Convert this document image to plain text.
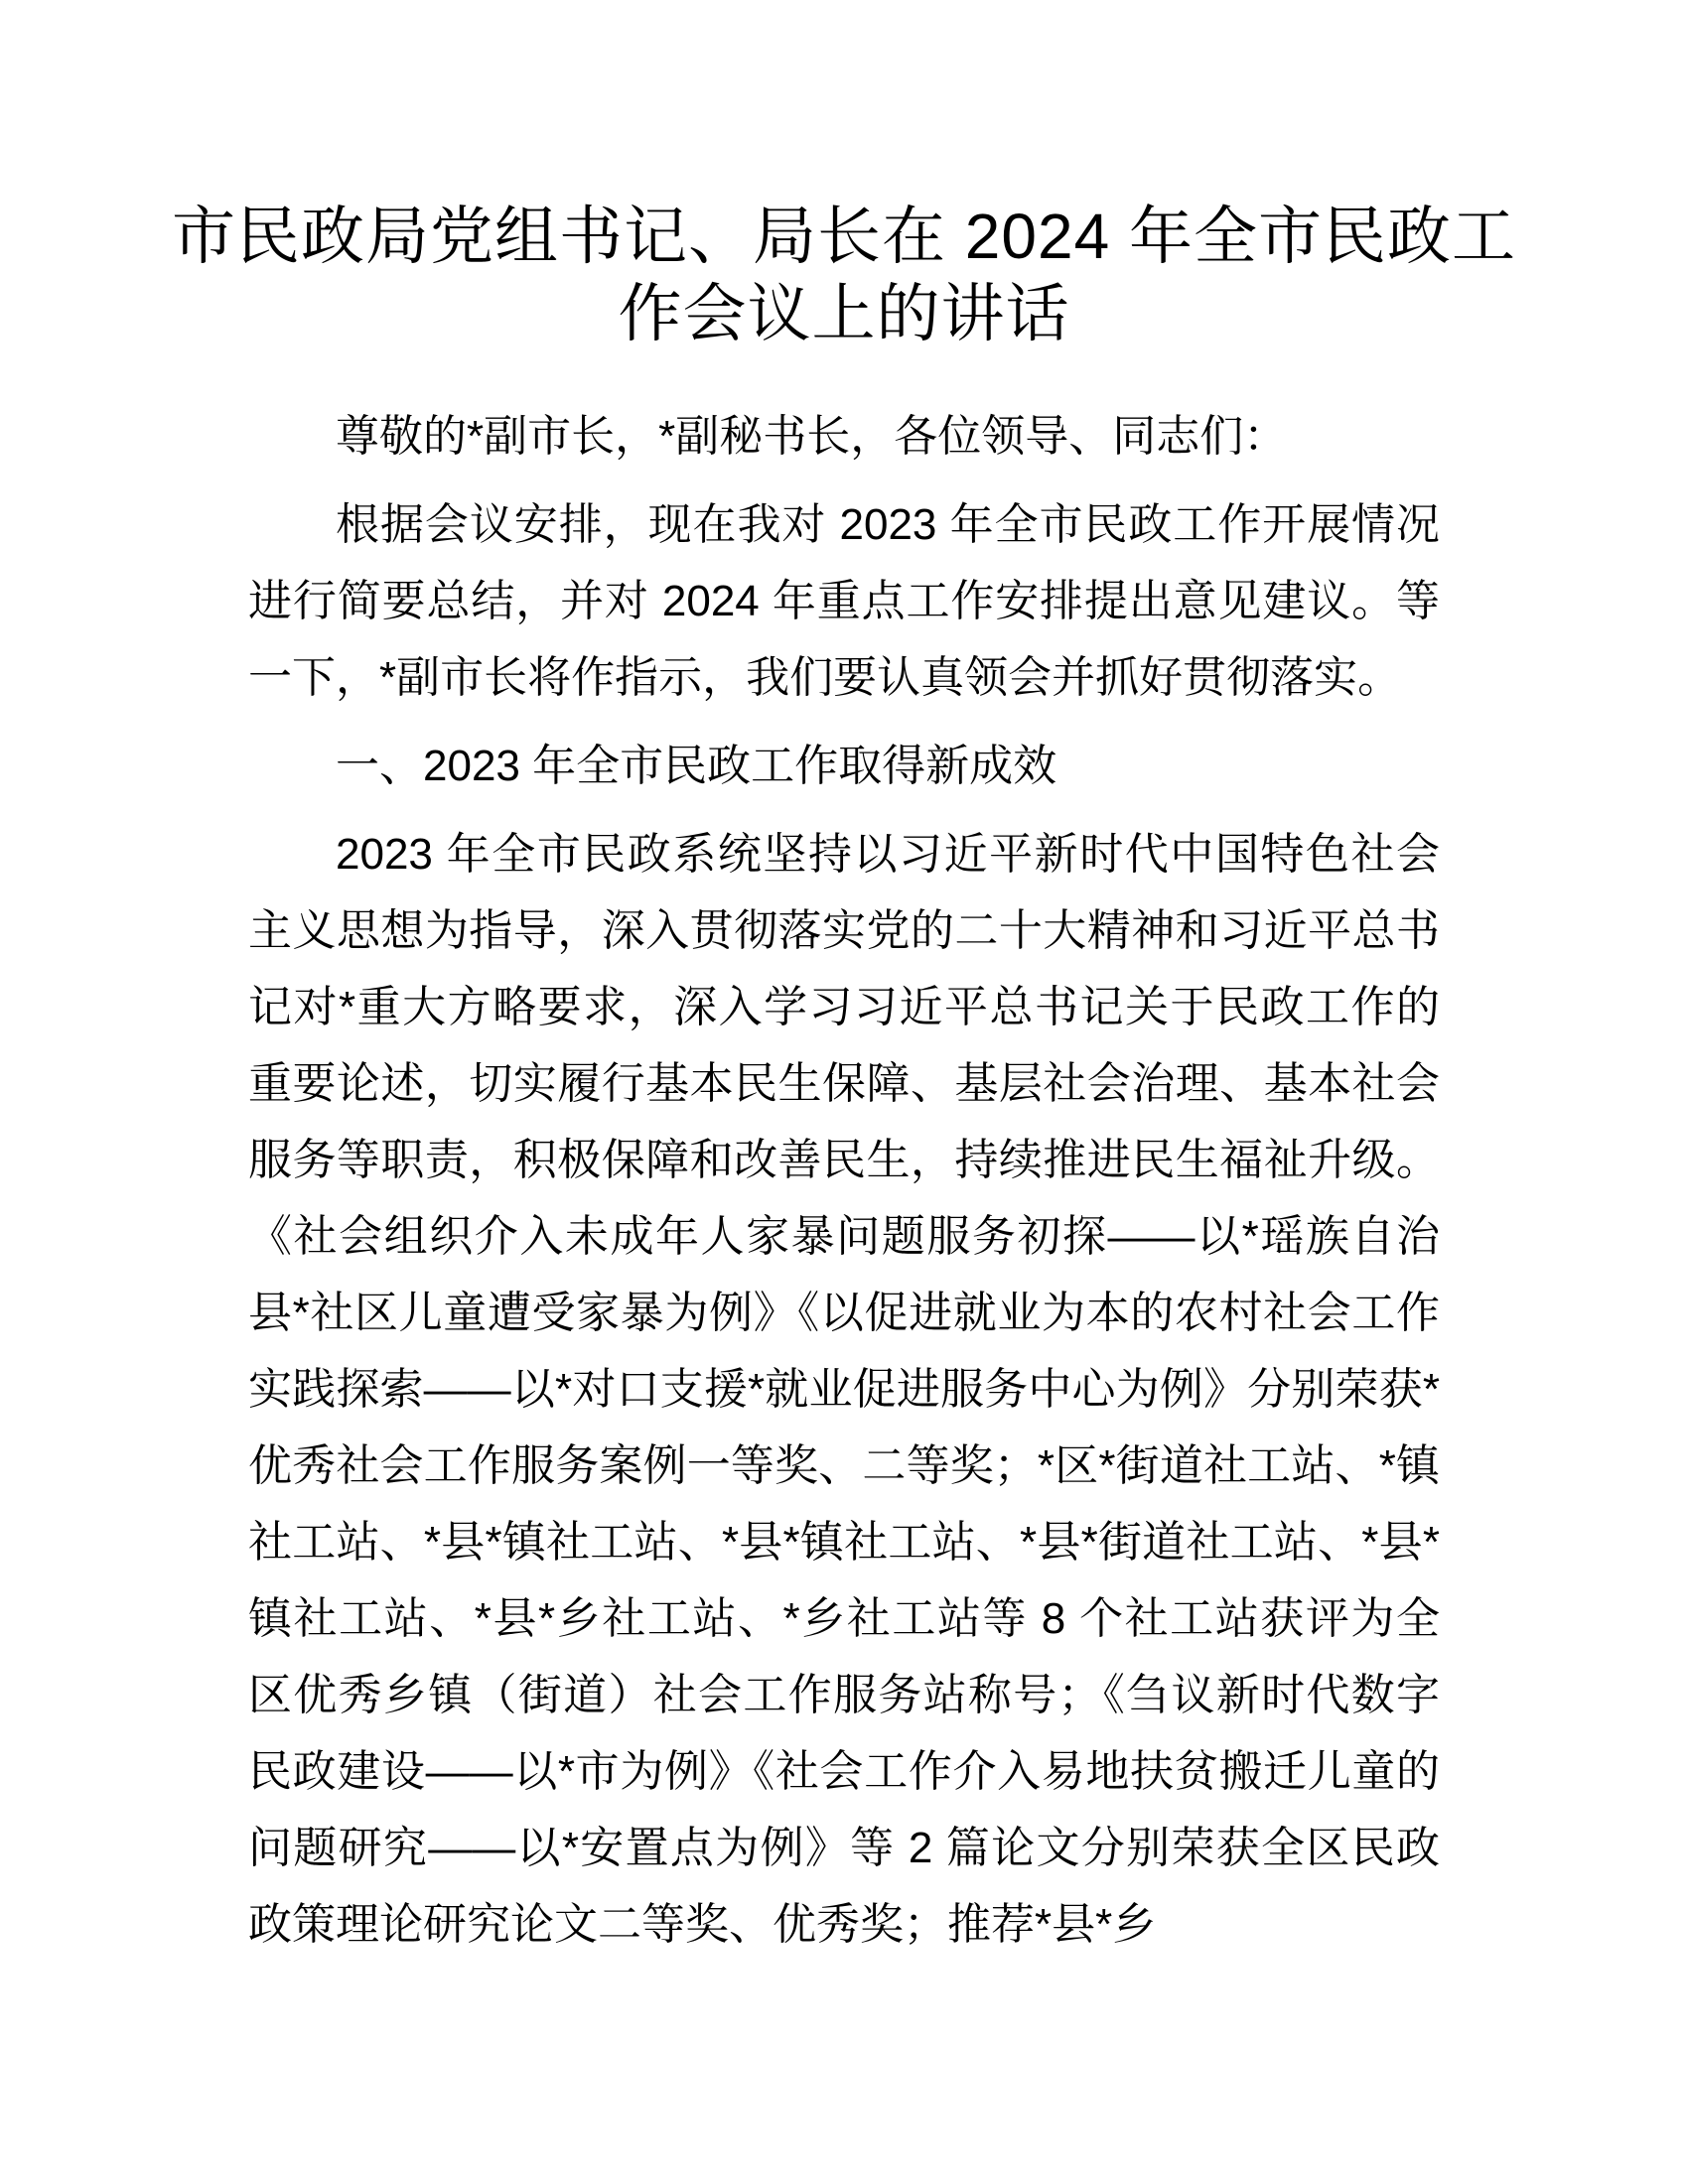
市民政局党组书记、局长在 2024 年全市民政工作会议上的讲话

尊敬的*副市长，*副秘书长，各位领导、同志们：

根据会议安排，现在我对 2023 年全市民政工作开展情况进行简要总结，并对 2024 年重点工作安排提出意见建议。等一下，*副市长将作指示，我们要认真领会并抓好贯彻落实。

一、2023 年全市民政工作取得新成效

2023 年全市民政系统坚持以习近平新时代中国特色社会主义思想为指导，深入贯彻落实党的二十大精神和习近平总书记对*重大方略要求，深入学习习近平总书记关于民政工作的重要论述，切实履行基本民生保障、基层社会治理、基本社会服务等职责，积极保障和改善民生，持续推进民生福祉升级。《社会组织介入未成年人家暴问题服务初探——以*瑶族自治县*社区儿童遭受家暴为例》《以促进就业为本的农村社会工作实践探索——以*对口支援*就业促进服务中心为例》分别荣获*优秀社会工作服务案例一等奖、二等奖；*区*街道社工站、*镇社工站、*县*镇社工站、*县*镇社工站、*县*街道社工站、*县*镇社工站、*县*乡社工站、*乡社工站等 8 个社工站获评为全区优秀乡镇（街道）社会工作服务站称号；《刍议新时代数字民政建设——以*市为例》《社会工作介入易地扶贫搬迁儿童的问题研究——以*安置点为例》等 2 篇论文分别荣获全区民政政策理论研究论文二等奖、优秀奖；推荐*县*乡
